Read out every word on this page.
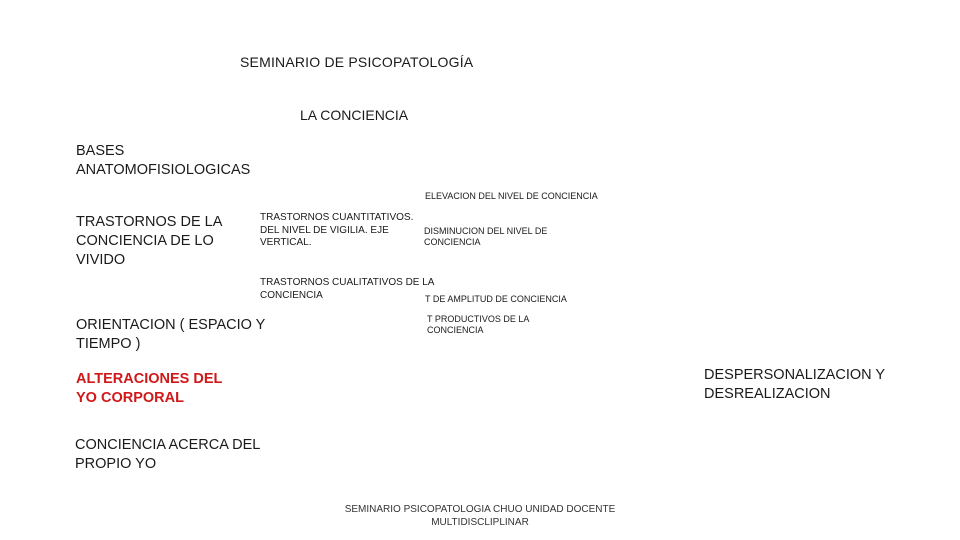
SEMINARIO DE PSICOPATOLOGÍA

LA CONCIENCIA

BASES
ANATOMOFISIOLOGICAS

TRASTORNOS DE LA
CONCIENCIA DE LO
VIVIDO

ORIENTACION ( ESPACIO Y
TIEMPO )

ALTERACIONES DEL
YO CORPORAL

CONCIENCIA ACERCA DEL
PROPIO YO

TRASTORNOS CUANTITATIVOS.
DEL NIVEL DE VIGILIA. EJE
VERTICAL.

TRASTORNOS CUALITATIVOS DE LA
CONCIENCIA

ELEVACION DEL NIVEL DE CONCIENCIA

DISMINUCION DEL NIVEL DE
CONCIENCIA

T DE AMPLITUD DE CONCIENCIA

T PRODUCTIVOS DE LA
CONCIENCIA

DESPERSONALIZACION Y
DESREALIZACION

SEMINARIO PSICOPATOLOGIA CHUO UNIDAD DOCENTE
MULTIDISCLIPLINAR
